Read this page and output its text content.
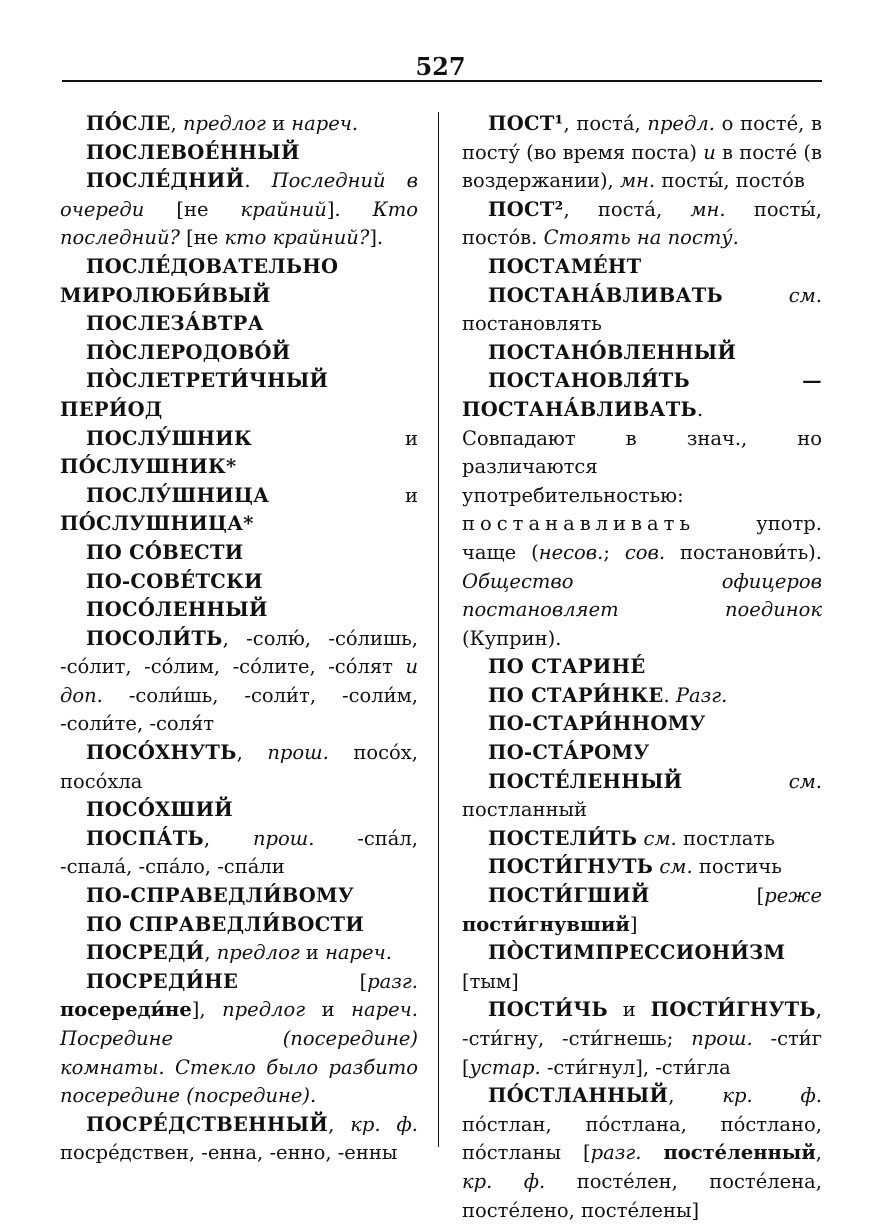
527

ПО́СЛЕ, предлог и нареч.

ПОСЛЕВОЕ́ННЫЙ

ПОСЛЕ́ДНИЙ. Последний в очереди [не крайний]. Кто последний? [не кто крайний?].

ПОСЛЕ́ДОВАТЕЛЬНО МИРОЛЮБИ́ВЫЙ

ПОСЛЕЗА́ВТРА

ПО̀СЛЕРОДОВО́Й

ПО̀СЛЕТРЕТИ́ЧНЫЙ ПЕРИ́ОД

ПОСЛУ́ШНИК и ПО́СЛУШНИК*

ПОСЛУ́ШНИЦА и ПО́СЛУШНИЦА*

ПО СО́ВЕСТИ

ПО-СОВЕ́ТСКИ

ПОСО́ЛЕННЫЙ

ПОСОЛИ́ТЬ, -солю́, -со́лишь, -со́лит, -со́лим, -со́лите, -со́лят и доп. -соли́шь, -соли́т, -соли́м, -соли́те, -соля́т

ПОСО́ХНУТЬ, прош. посо́х, посо́хла

ПОСО́ХШИЙ

ПОСПА́ТЬ, прош. -спа́л, -спала́, -спа́ло, -спа́ли

ПО-СПРАВЕДЛИ́ВОМУ

ПО СПРАВЕДЛИ́ВОСТИ

ПОСРЕДИ́, предлог и нареч.

ПОСРЕДИ́НЕ [разг. посереди́не], предлог и нареч. Посредине (посередине) комнаты. Стекло было разбито посередине (посредине).

ПОСРЕ́ДСТВЕННЫЙ, кр. ф. посре́дствен, -енна, -енно, -енны

ПОСТ¹, поста́, предл. о посте́, в посту́ (во время поста) и в посте́ (в воздержании), мн. посты́, посто́в

ПОСТ², поста́, мн. посты́, посто́в. Стоять на посту́.

ПОСТАМЕ́НТ

ПОСТАНА́ВЛИВАТЬ	см. постановлять

ПОСТАНО́ВЛЕННЫЙ

ПОСТАНОВЛЯ́ТЬ — ПОСТАНА́ВЛИВАТЬ. Совпадают в знач., но различаются употребительностью: постанавливать употр. чаще (несов.; сов. постанови́ть). Общество офицеров постановляет поединок (Куприн).

ПО СТАРИНЕ́

ПО СТАРИ́НКЕ. Разг.

ПО-СТАРИ́ННОМУ

ПО-СТА́РОМУ

ПОСТЕ́ЛЕННЫЙ	см. постланный

ПОСТЕЛИ́ТЬ см. постлать

ПОСТИ́ГНУТЬ см. постичь

ПОСТИ́ГШИЙ [реже пости́гнувший]

ПО̀СТИМПРЕССИОНИ́ЗМ [тым]

ПОСТИ́ЧЬ и ПОСТИ́ГНУТЬ, -сти́гну, -сти́гнешь; прош. -сти́г [устар. -сти́гнул], -сти́гла

ПО́СТЛАННЫЙ, кр. ф. по́стлан, по́стлана, по́стлано, по́стланы [разг. посте́ленный, кр. ф. посте́лен, посте́лена, посте́лено, посте́лены]
